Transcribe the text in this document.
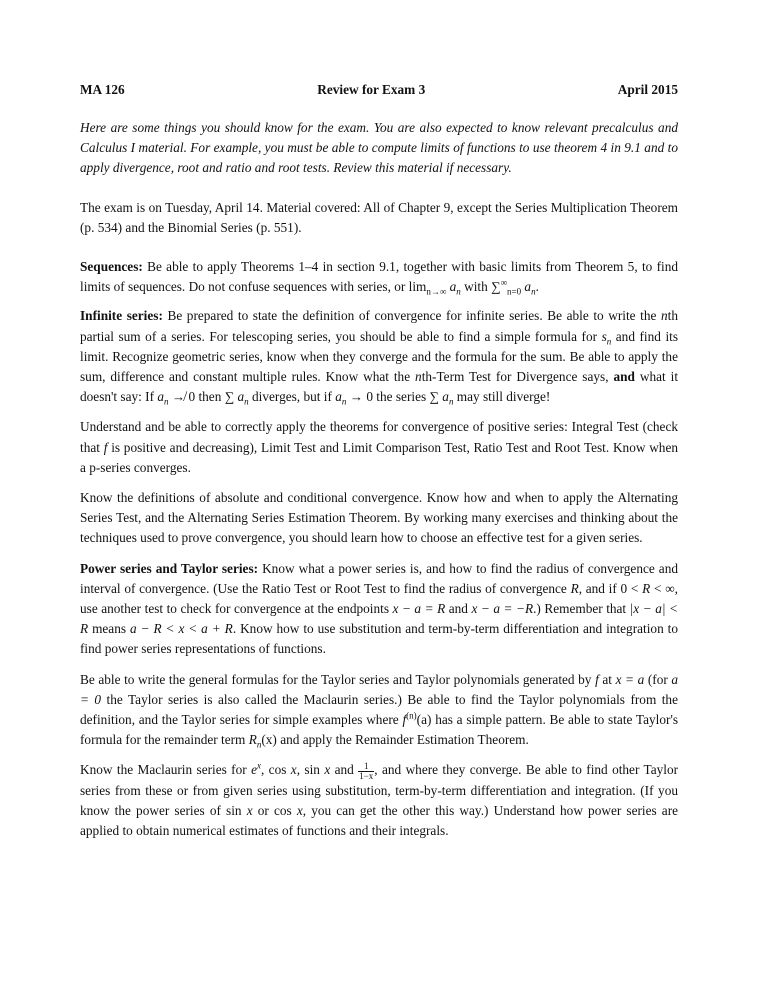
MA 126	Review for Exam 3	April 2015

Here are some things you should know for the exam. You are also expected to know relevant precalculus and Calculus I material. For example, you must be able to compute limits of functions to use theorem 4 in 9.1 and to apply divergence, root and ratio and root tests. Review this material if necessary.

The exam is on Tuesday, April 14. Material covered: All of Chapter 9, except the Series Multiplication Theorem (p. 534) and the Binomial Series (p. 551).

Sequences: Be able to apply Theorems 1–4 in section 9.1, together with basic limits from Theorem 5, to find limits of sequences. Do not confuse sequences with series, or $\lim_{n\to\infty} a_n$ with $\sum^\infty_{n=0}$ $a_n$.

Infinite series: Be prepared to state the definition of convergence for infinite series. Be able to write the nth partial sum of a series. For telescoping series, you should be able to find a simple formula for $s_n$ and find its limit. Recognize geometric series, know when they converge and the formula for the sum. Be able to apply the sum, difference and constant multiple rules. Know what the nth-Term Test for Divergence says, and what it doesn't say: If $a_n$ ↛ 0 then ∑ $a_n$ diverges, but if $a_n \to 0$ the series ∑ $a_n$ may still diverge!

Understand and be able to correctly apply the theorems for convergence of positive series: Integral Test (check that f is positive and decreasing), Limit Test and Limit Comparison Test, Ratio Test and Root Test. Know when a p-series converges.

Know the definitions of absolute and conditional convergence. Know how and when to apply the Alternating Series Test, and the Alternating Series Estimation Theorem. By working many exercises and thinking about the techniques used to prove convergence, you should learn how to choose an effective test for a given series.

Power series and Taylor series: Know what a power series is, and how to find the radius of convergence and interval of convergence. (Use the Ratio Test or Root Test to find the radius of convergence R, and if 0 < R < ∞, use another test to check for convergence at the endpoints x − a = R and x − a = −R.) Remember that |x − a| < R means a − R < x < a + R. Know how to use substitution and term-by-term differentiation and integration to find power series representations of functions.

Be able to write the general formulas for the Taylor series and Taylor polynomials generated by f at x = a (for a = 0 the Taylor series is also called the Maclaurin series.) Be able to find the Taylor polynomials from the definition, and the Taylor series for simple examples where $f^{(n)}(a)$ has a simple pattern. Be able to state Taylor's formula for the remainder term $R_n(x)$ and apply the Remainder Estimation Theorem.

Know the Maclaurin series for $e^x$, cos x, sin x and $\frac{1}{1-x}$ , and where they converge. Be able to find other Taylor series from these or from given series using substitution, term-by-term differentiation and integration. (If you know the power series of sin x or cos x, you can get the other this way.) Understand how power series are applied to obtain numerical estimates of functions and their integrals.
